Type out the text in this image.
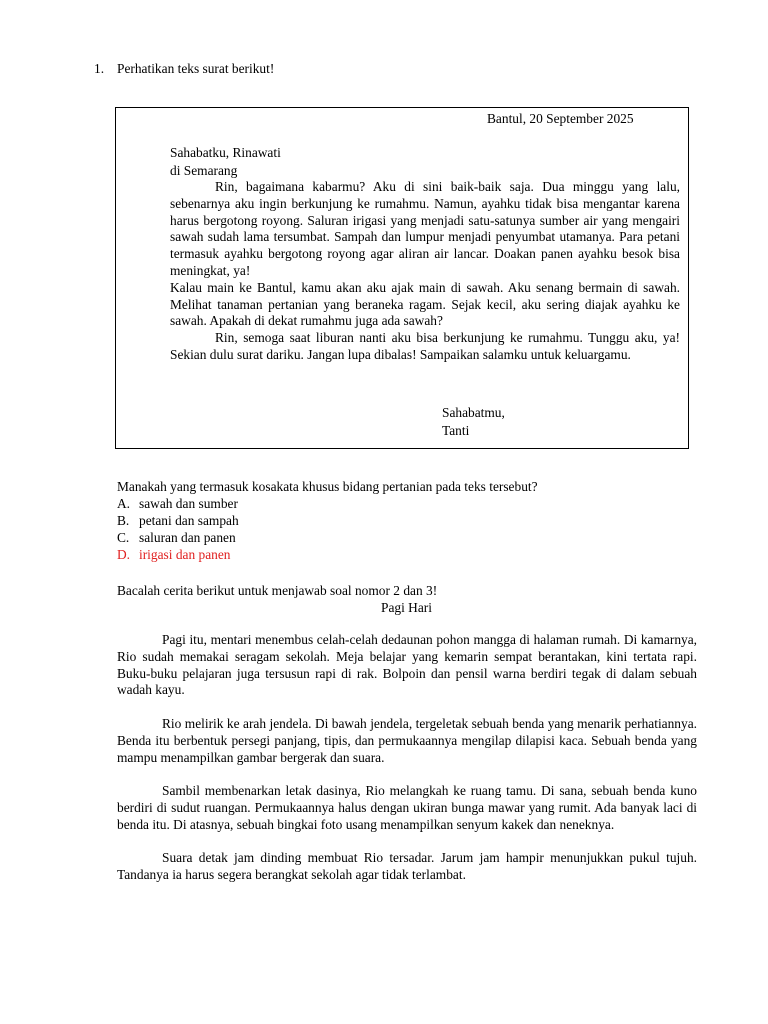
1. Perhatikan teks surat berikut!
Bantul, 20 September 2025
Sahabatku, Rinawati
di Semarang

Rin, bagaimana kabarmu? Aku di sini baik-baik saja. Dua minggu yang lalu, sebenarnya aku ingin berkunjung ke rumahmu. Namun, ayahku tidak bisa mengantar karena harus bergotong royong. Saluran irigasi yang menjadi satu-satunya sumber air yang mengairi sawah sudah lama tersumbat. Sampah dan lumpur menjadi penyumbat utamanya. Para petani termasuk ayahku bergotong royong agar aliran air lancar. Doakan panen ayahku besok bisa meningkat, ya!

Kalau main ke Bantul, kamu akan aku ajak main di sawah. Aku senang bermain di sawah. Melihat tanaman pertanian yang beraneka ragam. Sejak kecil, aku sering diajak ayahku ke sawah. Apakah di dekat rumahmu juga ada sawah?

Rin, semoga saat liburan nanti aku bisa berkunjung ke rumahmu. Tunggu aku, ya! Sekian dulu surat dariku. Jangan lupa dibalas! Sampaikan salamku untuk keluargamu.

Sahabatmu,
Tanti
Manakah yang termasuk kosakata khusus bidang pertanian pada teks tersebut?
A. sawah dan sumber
B. petani dan sampah
C. saluran dan panen
D. irigasi dan panen
Bacalah cerita berikut untuk menjawab soal nomor 2 dan 3!
Pagi Hari

Pagi itu, mentari menembus celah-celah dedaunan pohon mangga di halaman rumah. Di kamarnya, Rio sudah memakai seragam sekolah. Meja belajar yang kemarin sempat berantakan, kini tertata rapi. Buku-buku pelajaran juga tersusun rapi di rak. Bolpoin dan pensil warna berdiri tegak di dalam sebuah wadah kayu.

Rio melirik ke arah jendela. Di bawah jendela, tergeletak sebuah benda yang menarik perhatiannya. Benda itu berbentuk persegi panjang, tipis, dan permukaannya mengilap dilapisi kaca. Sebuah benda yang mampu menampilkan gambar bergerak dan suara.

Sambil membenarkan letak dasinya, Rio melangkah ke ruang tamu. Di sana, sebuah benda kuno berdiri di sudut ruangan. Permukaannya halus dengan ukiran bunga mawar yang rumit. Ada banyak laci di benda itu. Di atasnya, sebuah bingkai foto usang menampilkan senyum kakek dan neneknya.

Suara detak jam dinding membuat Rio tersadar. Jarum jam hampir menunjukkan pukul tujuh. Tandanya ia harus segera berangkat sekolah agar tidak terlambat.
